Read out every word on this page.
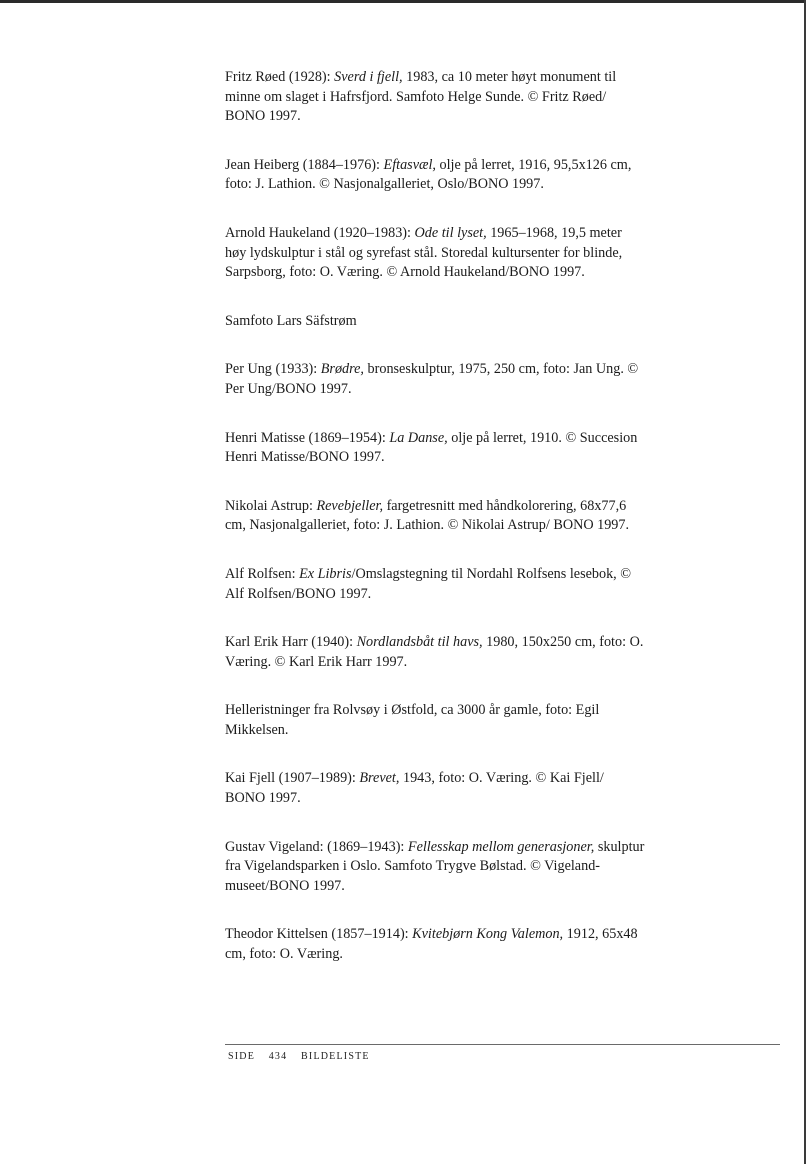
Fritz Røed (1928): Sverd i fjell, 1983, ca 10 meter høyt monument til minne om slaget i Hafrsfjord. Samfoto Helge Sunde. © Fritz Røed/ BONO 1997.

Jean Heiberg (1884–1976): Eftasvæl, olje på lerret, 1916, 95,5x126 cm, foto: J. Lathion. © Nasjonalgalleriet, Oslo/BONO 1997.

Arnold Haukeland (1920–1983): Ode til lyset, 1965–1968, 19,5 meter høy lydskulptur i stål og syrefast stål. Storedal kultursenter for blinde, Sarpsborg, foto: O. Væring. © Arnold Haukeland/BONO 1997.

Samfoto Lars Säfstrøm

Per Ung (1933): Brødre, bronseskulptur, 1975, 250 cm, foto: Jan Ung. © Per Ung/BONO 1997.

Henri Matisse (1869–1954): La Danse, olje på lerret, 1910. © Succesion Henri Matisse/BONO 1997.

Nikolai Astrup: Revebjeller, fargetresnitt med håndkolorering, 68x77,6 cm, Nasjonalgalleriet, foto: J. Lathion. © Nikolai Astrup/ BONO 1997.

Alf Rolfsen: Ex Libris/Omslagstegning til Nordahl Rolfsens lesebok, © Alf Rolfsen/BONO 1997.

Karl Erik Harr (1940): Nordlandsbåt til havs, 1980, 150x250 cm, foto: O. Væring. © Karl Erik Harr 1997.

Helleristninger fra Rolvsøy i Østfold, ca 3000 år gamle, foto: Egil Mikkelsen.

Kai Fjell (1907–1989): Brevet, 1943, foto: O. Væring. © Kai Fjell/ BONO 1997.

Gustav Vigeland: (1869–1943): Fellesskap mellom generasjoner, skulptur fra Vigelandsparken i Oslo. Samfoto Trygve Bølstad. © Vigeland-museet/BONO 1997.

Theodor Kittelsen (1857–1914): Kvitebjørn Kong Valemon, 1912, 65x48 cm, foto: O. Væring.

SIDE 434 BILDELISTE
